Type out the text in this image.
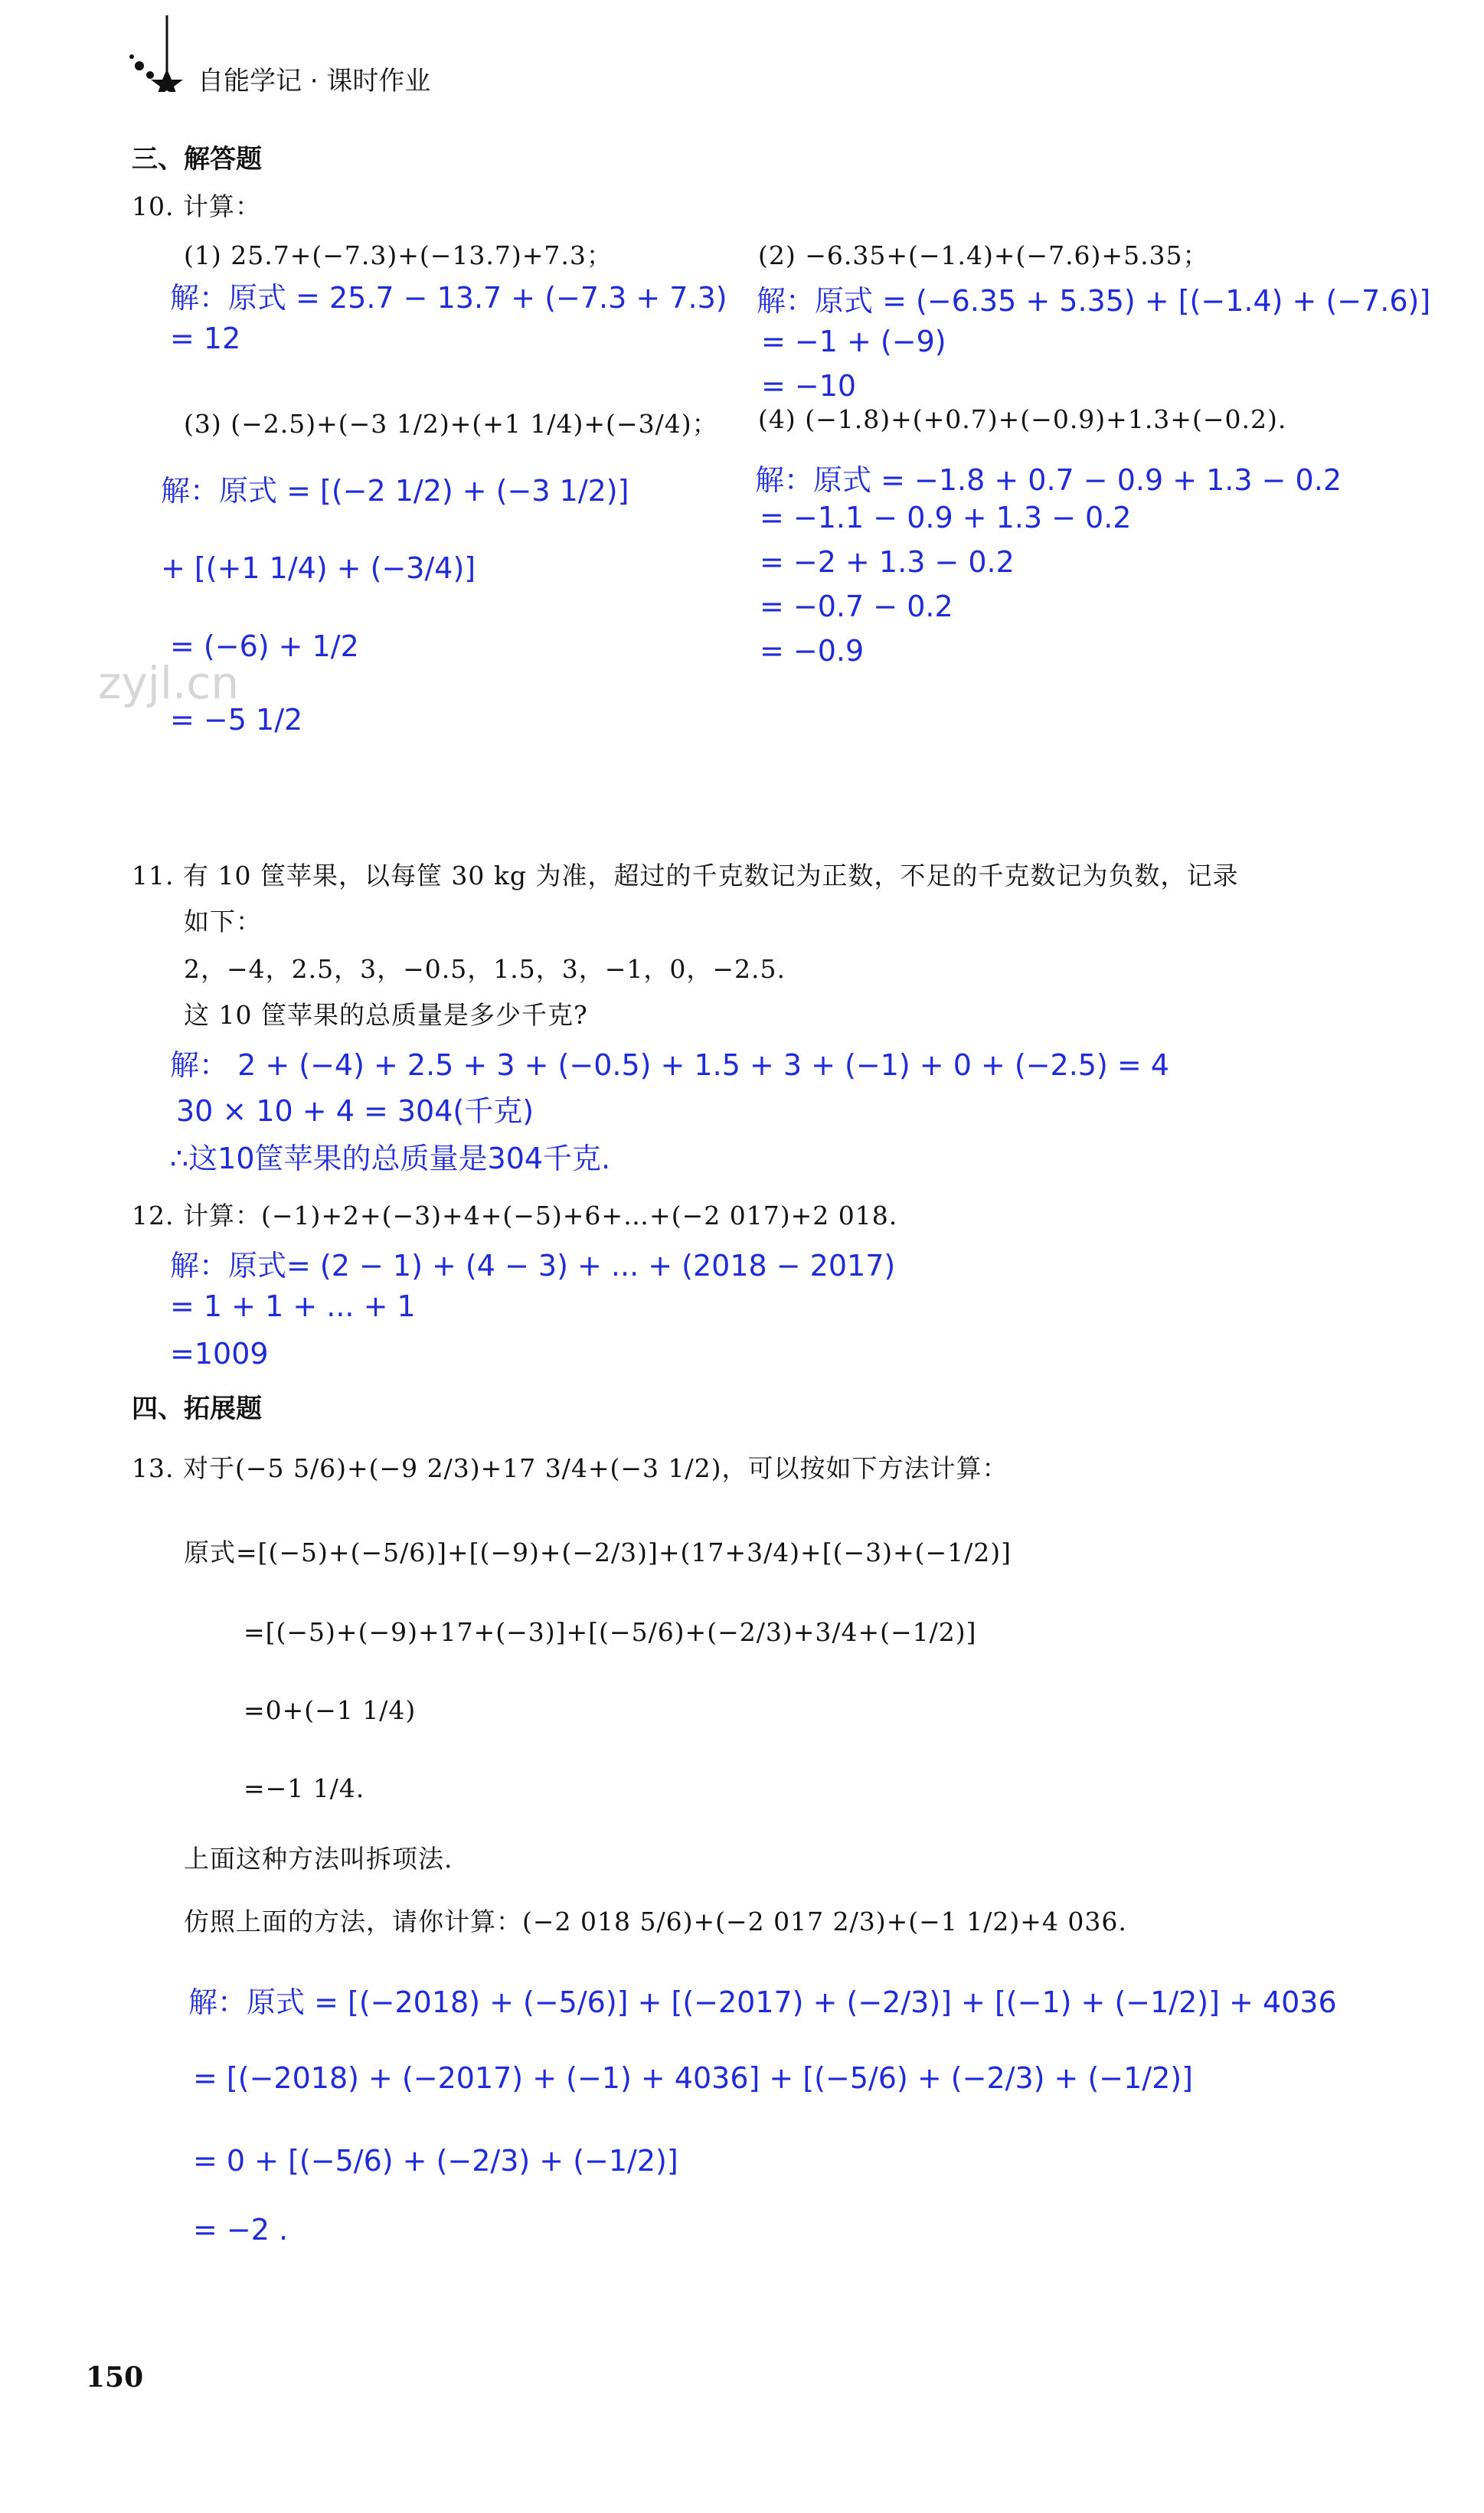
自能学记 · 课时作业
三、解答题
10. 计算：
(1) 25.7+(−7.3)+(−13.7)+7.3；
解：原式 = 25.7 − 13.7 + (−7.3 + 7.3)
= 12
(2) −6.35+(−1.4)+(−7.6)+5.35；
解：原式 = (−6.35 + 5.35) + [(−1.4) + (−7.6)]
= −1 + (−9)
= −10
(3) (−2.5)+(−3 1/2)+(+1 1/4)+(−3/4)；
解：原式 = [(−2 1/2) + (−3 1/2)]
+ [(+1 1/4) + (−3/4)]
= (−6) + 1/2
= −5 1/2
(4) (−1.8)+(+0.7)+(−0.9)+1.3+(−0.2).
解：原式 = −1.8 + 0.7 − 0.9 + 1.3 − 0.2
= −1.1 − 0.9 + 1.3 − 0.2
= −2 + 1.3 − 0.2
= −0.7 − 0.2
= −0.9
zyjl.cn
11. 有 10 筐苹果，以每筐 30 kg 为准，超过的千克数记为正数，不足的千克数记为负数，记录
如下：
2，−4，2.5，3，−0.5，1.5，3，−1，0，−2.5.
这 10 筐苹果的总质量是多少千克?
解： 2 + (−4) + 2.5 + 3 + (−0.5) + 1.5 + 3 + (−1) + 0 + (−2.5) = 4
30 × 10 + 4 = 304(千克)
∴这10筐苹果的总质量是304千克.
12. 计算：(−1)+2+(−3)+4+(−5)+6+…+(−2 017)+2 018.
解：原式= (2 − 1) + (4 − 3) + ... + (2018 − 2017)
= 1 + 1 + ... + 1
=1009
四、拓展题
13. 对于(−5 5/6)+(−9 2/3)+17 3/4+(−3 1/2)，可以按如下方法计算：
原式=[(−5)+(−5/6)]+[(−9)+(−2/3)]+(17+3/4)+[(−3)+(−1/2)]
=[(−5)+(−9)+17+(−3)]+[(−5/6)+(−2/3)+3/4+(−1/2)]
=0+(−1 1/4)
=−1 1/4.
上面这种方法叫拆项法.
仿照上面的方法，请你计算：(−2 018 5/6)+(−2 017 2/3)+(−1 1/2)+4 036.
解：原式 = [(−2018) + (−5/6)] + [(−2017) + (−2/3)] + [(−1) + (−1/2)] + 4036
= [(−2018) + (−2017) + (−1) + 4036] + [(−5/6) + (−2/3) + (−1/2)]
= 0 + [(−5/6) + (−2/3) + (−1/2)]
= −2 .
150
